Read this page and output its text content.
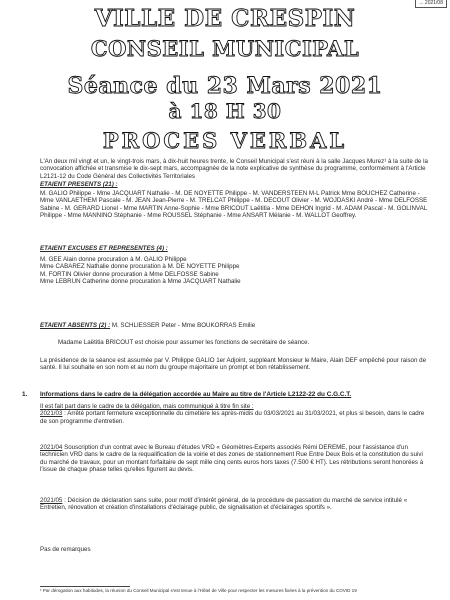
... 2021/08
VILLE DE CRESPIN
CONSEIL MUNICIPAL
Séance du 23 Mars 2021
à 18 H 30
PROCES VERBAL

L'An deux mil vingt et un, le vingt-trois mars, à dix-huit heures trente, le Conseil Municipal s'est réuni à la salle Jacques Murez¹ à la suite de la convocation affichée et transmise le dix-sept mars, accompagnée de la note explicative de synthèse du programme, conformément à l'Article L2121-12 du Code Général des Collectivités Territoriales

ETAIENT PRESENTS (21) :

M. GALIO Philippe - Mme JACQUART Nathalie - M. DE NOYETTE Philippe - M. VANDERSTEEN M-L Patrick Mme BOUCHEZ Catherine - Mme VANLAETHEM Pascale - M. JEAN Jean-Pierre - M. TRELCAT Philippe - M. DECOUT Olivier - M. WOJDASKI André - Mme DELFOSSE Sabine - M. GERARD Lionel - Mme MARTIN Anne-Sophie - Mme BRICOUT Laëtitia - Mme DEHON Ingrid - M. ADAM Pascal - M. GOLINVAL Philippe - Mme MANNINO Stéphanie - Mme ROUSSEL Stéphanie - Mme ANSART Mélanie - M. WALLOT Geoffrey.

ETAIENT EXCUSES ET REPRESENTES (4) :

M. GEE Alain donne procuration à M. GALIO Philippe
Mme CABAREZ Nathalie donne procuration à M. DE NOYETTE Philippe
M. FORTIN Olivier donne procuration à Mme DELFOSSE Sabine
Mme LEBRUN Catherine donne procuration à Mme JACQUART Nathalie

ETAIENT ABSENTS (2) : M. SCHLIESSER Peter - Mme BOUKORRAS Emilie

Madame Laëtitia BRICOUT est choisie pour assumer les fonctions de secrétaire de séance.

La présidence de la séance est assumée par V. Philippe GALIO 1er Adjoint, suppléant Monsieur le Maire, Alain DEF empêché pour raison de santé. Il lui souhaite en son nom et au nom du groupe majoritaire un prompt et bon rétablissement.

1. Informations dans le cadre de la délégation accordée au Maire au titre de l'Article L2122-22 du C.G.C.T.
Il est fait part dans le cadre de la délégation, mais communiqué à titre fin site :
2021/03 : Arrêté portant fermeture exceptionnelle du cimetière les après-midis du 03/03/2021 au 31/03/2021, et plus si besoin, dans le cadre de son programme d'entretien.

2021/04 Souscription d'un contrat avec le Bureau d'études VRD « Géomètres-Experts associés Rémi DEREME, pour l'assistance d'un technicien VRD dans le cadre de la requalification de la voirie et des zones de stationnement Rue Entre Deux Bois et la constitution du suivi du marché de travaux, pour un montant forfaitaire de sept mille cinq cents euros hors taxes (7.500 € HT). Les rétributions seront honorées à l'issue de chaque phase telles qu'elles figurent au devis.

2021/05 : Décision de déclaration sans suite, pour motif d'intérêt général, de la procédure de passation du marché de service intitulé « Entretien, rénovation et création d'installations d'éclairage public, de signalisation et d'éclairages sportifs ».

Pas de remarques

¹ Par dérogation aux habitudes, la réunion du Conseil Municipal s'est tenue à l'Hôtel de Ville pour respecter les mesures fixées à la prévention du COVID 19
